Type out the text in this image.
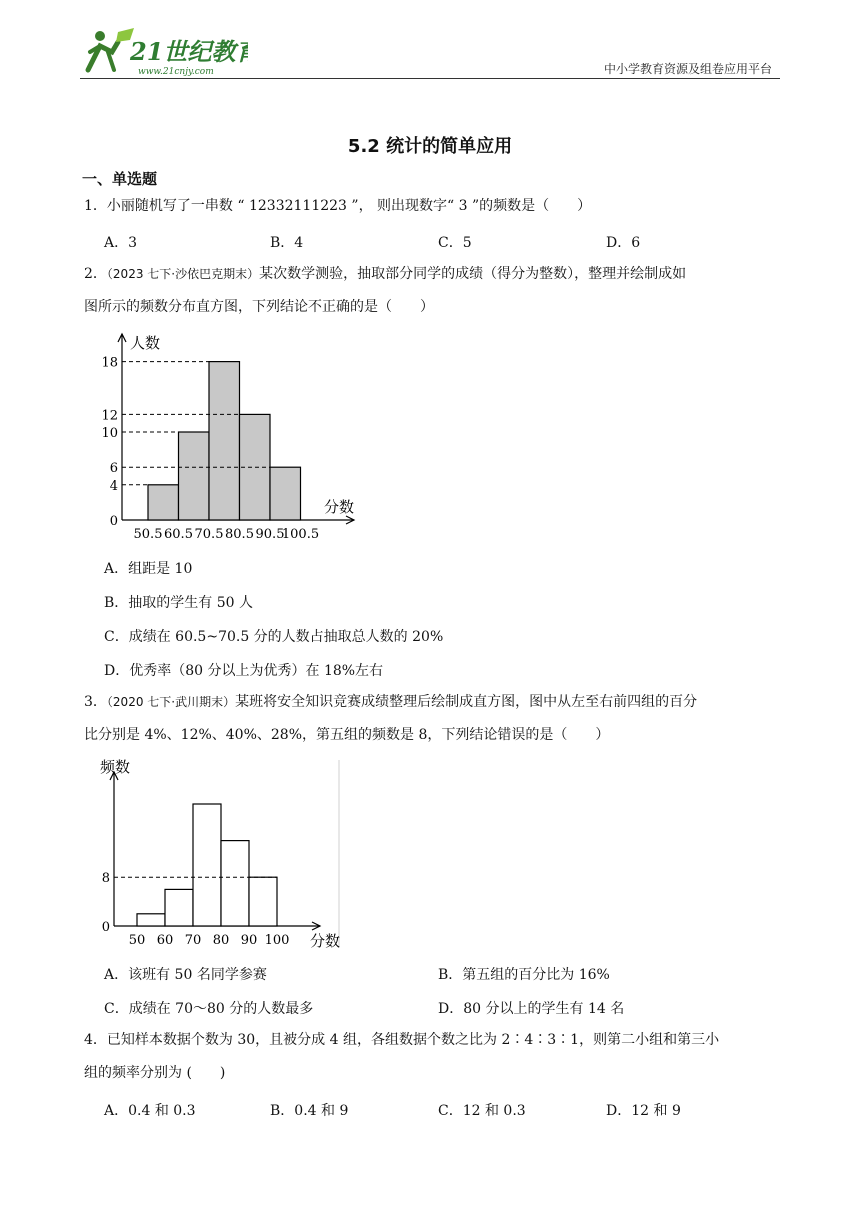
21世纪教育
www.21cnjy.com	中小学教育资源及组卷应用平台
5.2 统计的简单应用
一、单选题
1．小丽随机写了一串数 “ 12332111223 ”， 则出现数字“ 3 ”的频数是（　　）
A．3	B．4	C．5	D．6
2．（2023 七下·沙依巴克期末）某次数学测验，抽取部分同学的成绩（得分为整数），整理并绘制成如
图所示的频数分布直方图，下列结论不正确的是（　　）
0
4
6
10
12
18
50.5 60.5 70.5 80.5 90.5
100.5
人数
分数
A．组距是 10
B．抽取的学生有 50 人
C．成绩在 60.5~70.5 分的人数占抽取总人数的 20%
D．优秀率（80 分以上为优秀）在 18%左右
3．（2020 七下·武川期末）某班将安全知识竞赛成绩整理后绘制成直方图，图中从左至右前四组的百分
比分别是 4%、12%、40%、28%，第五组的频数是 8，下列结论错误的是（　　）
0
8
50 60 70 80 90 100
频数
分数
A．该班有 50 名同学参赛	B．第五组的百分比为 16%
C．成绩在 70～80 分的人数最多	D．80 分以上的学生有 14 名
4．已知样本数据个数为 30，且被分成 4 组，各组数据个数之比为 2∶4∶3∶1，则第二小组和第三小
组的频率分别为 (　　)
A．0.4 和 0.3	B．0.4 和 9	C．12 和 0.3	D．12 和 9
